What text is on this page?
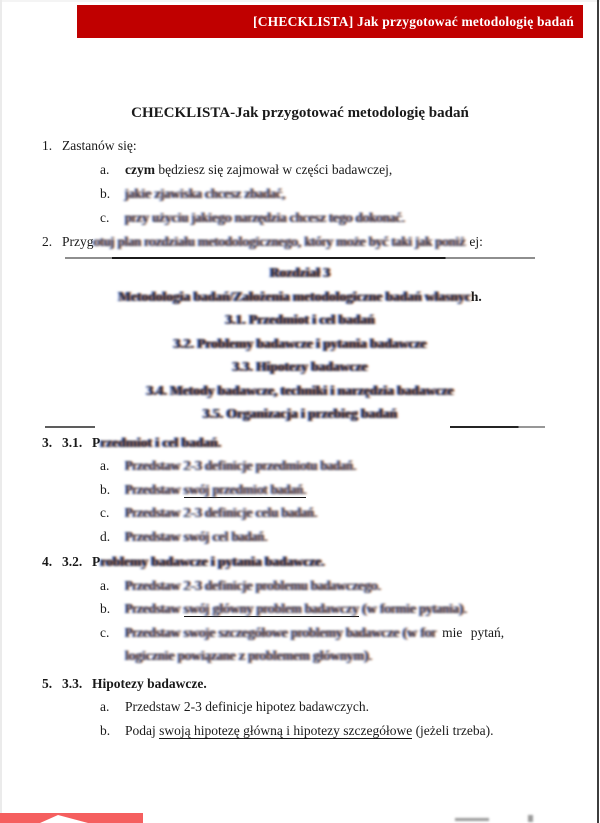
[CHECKLISTA] Jak przygotować metodologię badań
CHECKLISTA-Jak przygotować metodologię badań
1. Zastanów się:
a.	czym będziesz się zajmował w części badawczej,
b.	jakie zjawiska chcesz zbadać,
c.	przy użyciu jakiego narzędzia chcesz tego dokonać.
2. Przygotuj plan rozdziału metodologicznego, który może być taki jak poniż ej:
Rozdział 3
Metodologia badań/Założenia metodologiczne badań własnych.
3.1. Przedmiot i cel badań
3.2. Problemy badawcze i pytania badawcze
3.3. Hipotezy badawcze
3.4. Metody badawcze, techniki i narzędzia badawcze
3.5. Organizacja i przebieg badań
3. 3.1. Przedmiot i cel badań.
a.	Przedstaw 2-3 definicje przedmiotu badań.
b.	Przedstaw swój przedmiot badań.
c.	Przedstaw 2-3 definicje celu badań.
d.	Przedstaw swój cel badań.
4. 3.2. Problemy badawcze i pytania badawcze.
a.	Przedstaw 2-3 definicje problemu badawczego.
b.	Przedstaw swój główny problem badawczy (w formie pytania).
c.	Przedstaw swoje szczegółowe problemy badawcze (w for mie pytań,
logicznie powiązane z problemem głównym).
5. 3.3. Hipotezy badawcze.
a.	Przedstaw 2-3 definicje hipotez badawczych.
b.	Podaj swoją hipotezę główną i hipotezy szczegółowe (jeżeli trzeba).
